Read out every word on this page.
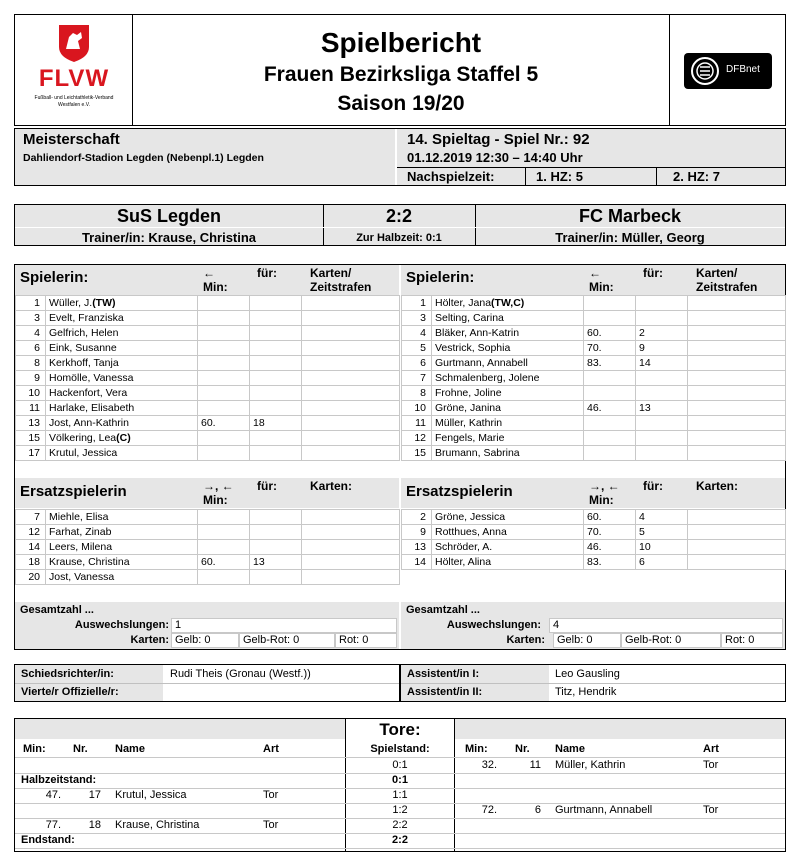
FLVW
Fußball- und Leichtathletik-Verband Westfalen e.V.
Spielbericht
Frauen Bezirksliga Staffel 5
Saison 19/20
DFBnet
Meisterschaft
Dahliendorf-Stadion Legden (Nebenpl.1) Legden
14. Spieltag - Spiel Nr.: 92
01.12.2019 12:30 – 14:40 Uhr
Nachspielzeit:	1. HZ: 5	2. HZ: 7
SuS Legden	2:2	FC Marbeck
Trainer/in: Krause, Christina	Zur Halbzeit: 0:1	Trainer/in: Müller, Georg
Spielerin:	←
Min:
für:	Karten/
Zeitstrafen
Spielerin:	←
Min:
für:	Karten/
Zeitstrafen
1	Wüller, J.(TW)			
3	Evelt, Franziska			
4	Gelfrich, Helen			
6	Eink, Susanne			
8	Kerkhoff, Tanja			
9	Homölle, Vanessa			
10	Hackenfort, Vera			
11	Harlake, Elisabeth			
13	Jost, Ann-Kathrin	60.	18	
15	Völkering, Lea(C)			
17	Krutul, Jessica			
1	Hölter, Jana(TW,C)			
3	Selting, Carina			
4	Bläker, Ann-Katrin	60.	2	
5	Vestrick, Sophia	70.	9	
6	Gurtmann, Annabell	83.	14	
7	Schmalenberg, Jolene			
8	Frohne, Joline			
10	Gröne, Janina	46.	13	
11	Müller, Kathrin			
12	Fengels, Marie			
15	Brumann, Sabrina			
Ersatzspielerin	→, ←
Min:
für:	Karten:	Ersatzspielerin	→, ←
Min:
für:	Karten:
7	Miehle, Elisa			
12	Farhat, Zinab			
14	Leers, Milena			
18	Krause, Christina	60.	13	
20	Jost, Vanessa			
2	Gröne, Jessica	60.	4	
9	Rotthues, Anna	70.	5	
13	Schröder, A.	46.	10	
14	Hölter, Alina	83.	6	
Gesamtzahl ...
Auswechslungen: 1
Karten: Gelb: 0	Gelb-Rot: 0	Rot: 0
Gesamtzahl ...
Auswechslungen:	4
Karten:	Gelb: 0	Gelb-Rot: 0	Rot: 0
Schiedsrichter/in:	Rudi Theis (Gronau (Westf.))
Vierte/r Offizielle/r:
Assistent/in I:	Leo Gausling
Assistent/in II:	Titz, Hendrik
Tore:
Min: Nr. Name	Art	Spielstand:	Min: Nr. Name	Art
0:1	32.	11 Müller, Kathrin	Tor
Halbzeitstand:	0:1
47.	17 Krutul, Jessica	Tor	1:1
1:2	72.	6 Gurtmann, Annabell	Tor
77.	18 Krause, Christina	Tor	2:2
Endstand:	2:2
